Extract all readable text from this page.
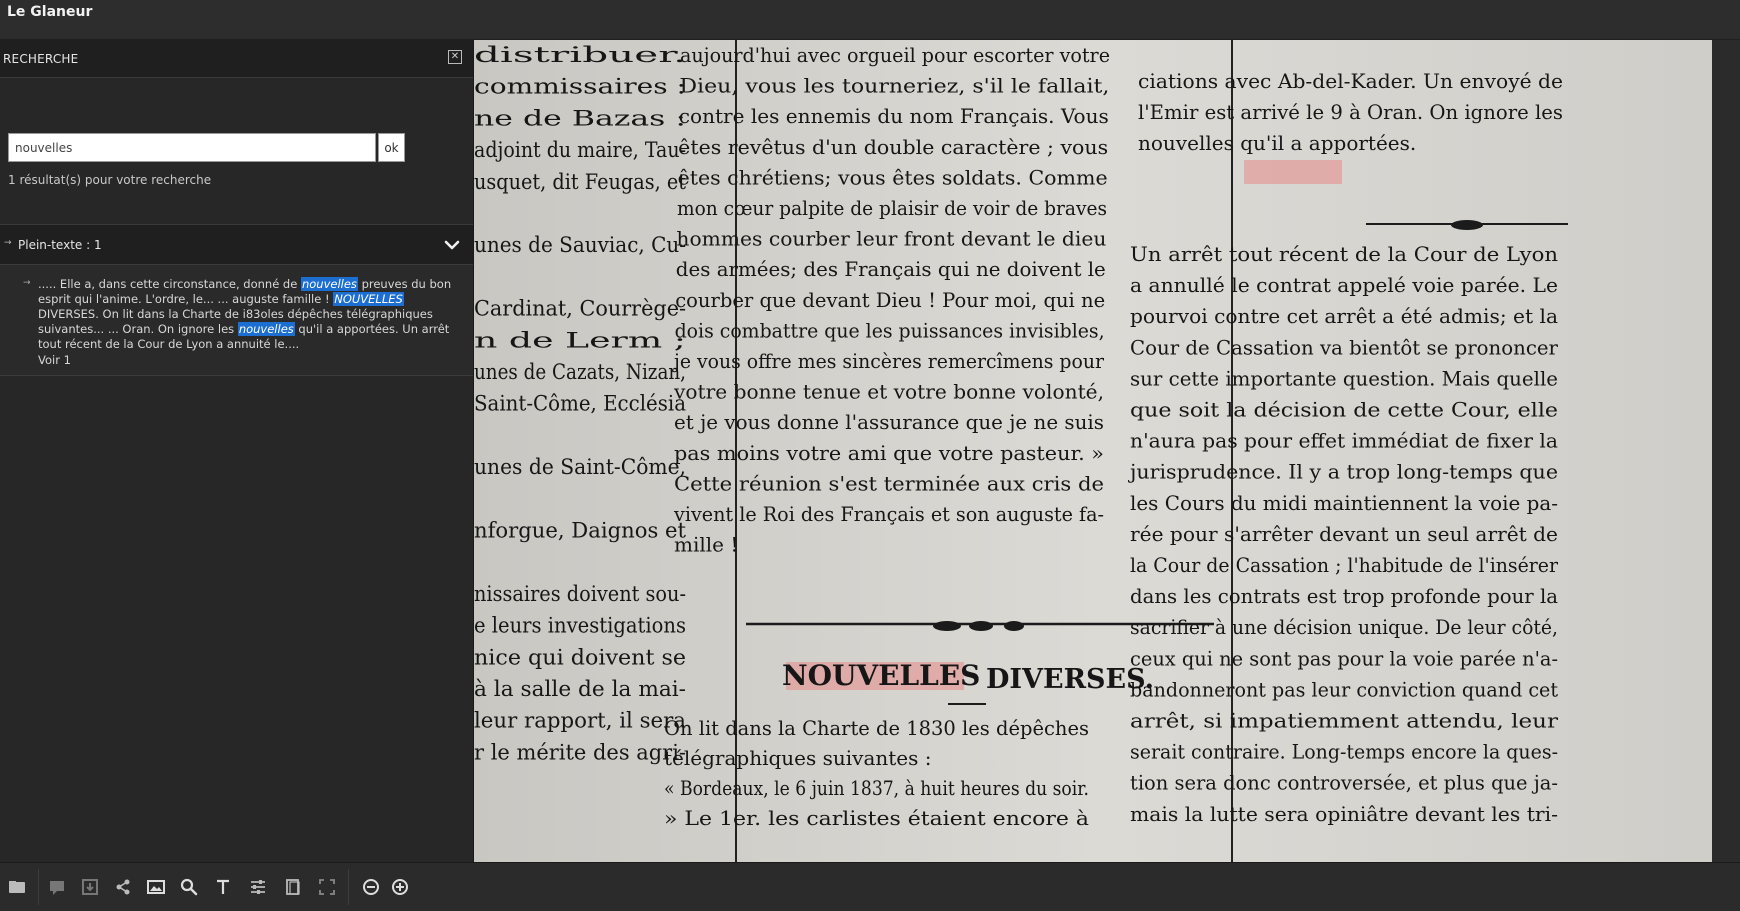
Le Glaneur
RECHERCHE	✕
nouvelles
ok
1 résultat(s) pour votre recherche
→ Plein-texte : 1
→ ..... Elle a, dans cette circonstance, donné de nouvelles preuves du bon esprit qui l'anime. L'ordre, le... ... auguste famille ! NOUVELLES DIVERSES. On lit dans la Charte de i83oles dépêches télégraphiques suivantes... ... Oran. On ignore les nouvelles qu'il a apportées. Un arrêt tout récent de la Cour de Lyon a annuité le....
Voir 1
distribuer.
commissaires :
ne de Bazas :
adjoint du maire, Tau-
usquet, dit Feugas, et
unes de Sauviac, Cu-
Cardinat, Courrège-
n de Lerm ;
unes de Cazats, Nizan,
Saint-Côme, Ecclésia
unes de Saint-Côme,
nforgue, Daignos et
nissaires doivent sou-
e leurs investigations
nice qui doivent se
à la salle de la mai-
leur rapport, il sera
r le mérite des agri-
aujourd'hui avec orgueil pour escorter votre
Dieu, vous les tourneriez, s'il le fallait,
contre les ennemis du nom Français. Vous
êtes revêtus d'un double caractère ; vous
êtes chrétiens; vous êtes soldats. Comme
mon cœur palpite de plaisir de voir de braves
hommes courber leur front devant le dieu
des armées; des Français qui ne doivent le
courber que devant Dieu ! Pour moi, qui ne
dois combattre que les puissances invisibles,
je vous offre mes sincères remercîmens pour
votre bonne tenue et votre bonne volonté,
et je vous donne l'assurance que je ne suis
pas moins votre ami que votre pasteur. »
Cette réunion s'est terminée aux cris de
vivent le Roi des Français et son auguste fa-
mille !
NOUVELLES DIVERSES.
On lit dans la Charte de 1830 les dépêches
télégraphiques suivantes :
« Bordeaux, le 6 juin 1837, à huit heures du soir.
» Le 1er. les carlistes étaient encore à
ciations avec Ab-del-Kader. Un envoyé de
l'Emir est arrivé le 9 à Oran. On ignore les
nouvelles qu'il a apportées.
Un arrêt tout récent de la Cour de Lyon
a annullé le contrat appelé voie parée. Le
pourvoi contre cet arrêt a été admis; et la
Cour de Cassation va bientôt se prononcer
sur cette importante question. Mais quelle
que soit la décision de cette Cour, elle
n'aura pas pour effet immédiat de fixer la
jurisprudence. Il y a trop long-temps que
les Cours du midi maintiennent la voie pa-
rée pour s'arrêter devant un seul arrêt de
la Cour de Cassation ; l'habitude de l'insérer
dans les contrats est trop profonde pour la
sacrifier à une décision unique. De leur côté,
ceux qui ne sont pas pour la voie parée n'a-
bandonneront pas leur conviction quand cet
arrêt, si impatiemment attendu, leur
serait contraire. Long-temps encore la ques-
tion sera donc controversée, et plus que ja-
mais la lutte sera opiniâtre devant les tri-
